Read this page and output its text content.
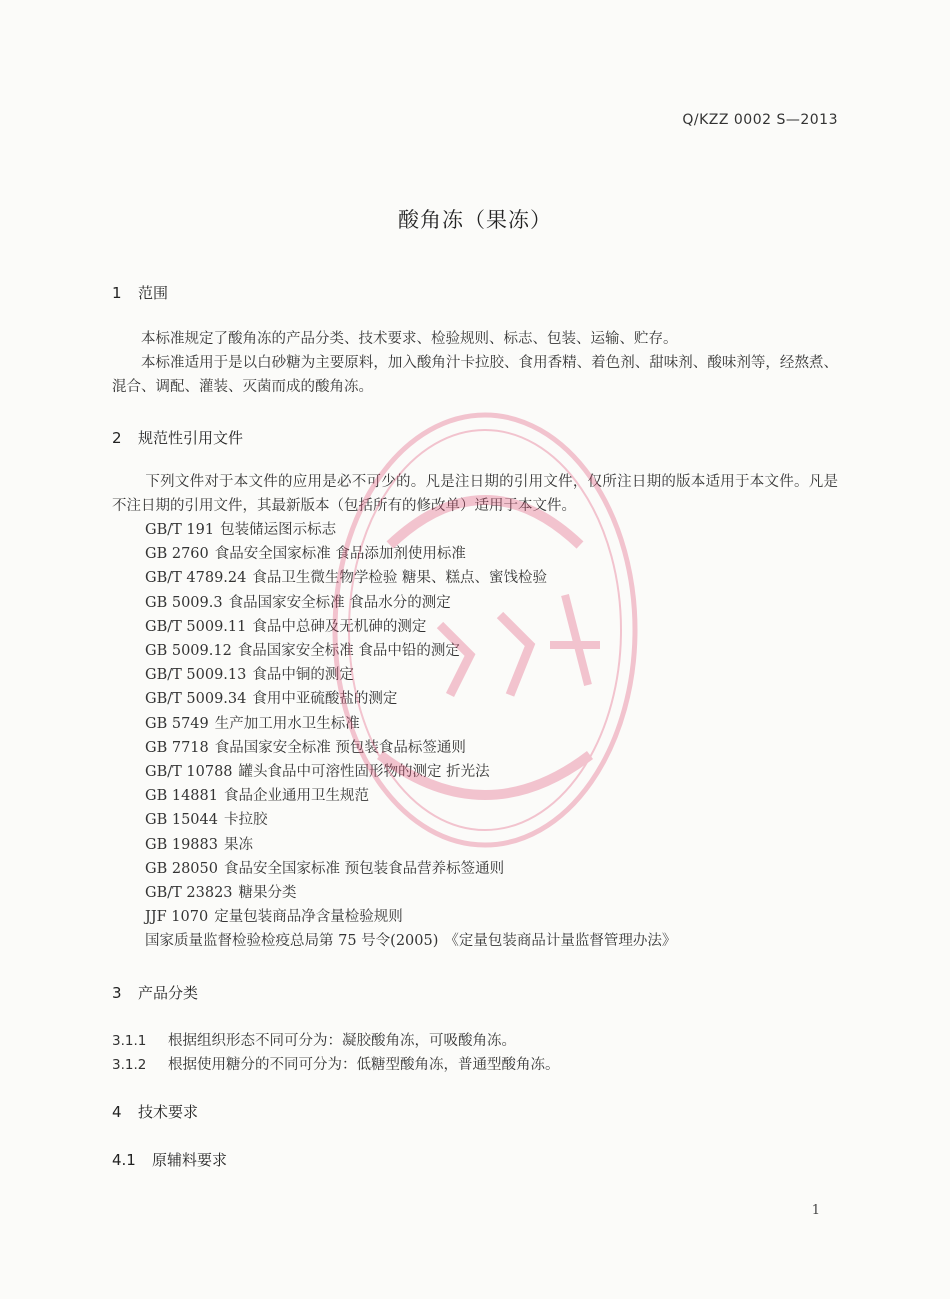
Q/KZZ 0002 S—2013
酸角冻（果冻）
1 范围
本标准规定了酸角冻的产品分类、技术要求、检验规则、标志、包装、运输、贮存。
本标准适用于是以白砂糖为主要原料，加入酸角汁卡拉胶、食用香精、着色剂、甜味剂、酸味剂等，经熬煮、混合、调配、灌装、灭菌而成的酸角冻。
2 规范性引用文件
下列文件对于本文件的应用是必不可少的。凡是注日期的引用文件，仅所注日期的版本适用于本文件。凡是不注日期的引用文件，其最新版本（包括所有的修改单）适用于本文件。
GB/T 191 包装储运图示标志
GB 2760 食品安全国家标准 食品添加剂使用标准
GB/T 4789.24 食品卫生微生物学检验 糖果、糕点、蜜饯检验
GB 5009.3 食品国家安全标准 食品水分的测定
GB/T 5009.11 食品中总砷及无机砷的测定
GB 5009.12 食品国家安全标准 食品中铅的测定
GB/T 5009.13 食品中铜的测定
GB/T 5009.34 食用中亚硫酸盐的测定
GB 5749 生产加工用水卫生标准
GB 7718 食品国家安全标准 预包装食品标签通则
GB/T 10788 罐头食品中可溶性固形物的测定 折光法
GB 14881 食品企业通用卫生规范
GB 15044 卡拉胶
GB 19883 果冻
GB 28050 食品安全国家标准 预包装食品营养标签通则
GB/T 23823 糖果分类
JJF 1070 定量包装商品净含量检验规则
国家质量监督检验检疫总局第 75 号令(2005) 《定量包装商品计量监督管理办法》
3 产品分类
3.1.1 根据组织形态不同可分为：凝胶酸角冻，可吸酸角冻。
3.1.2 根据使用糖分的不同可分为：低糖型酸角冻，普通型酸角冻。
4 技术要求
4.1 原辅料要求
1
